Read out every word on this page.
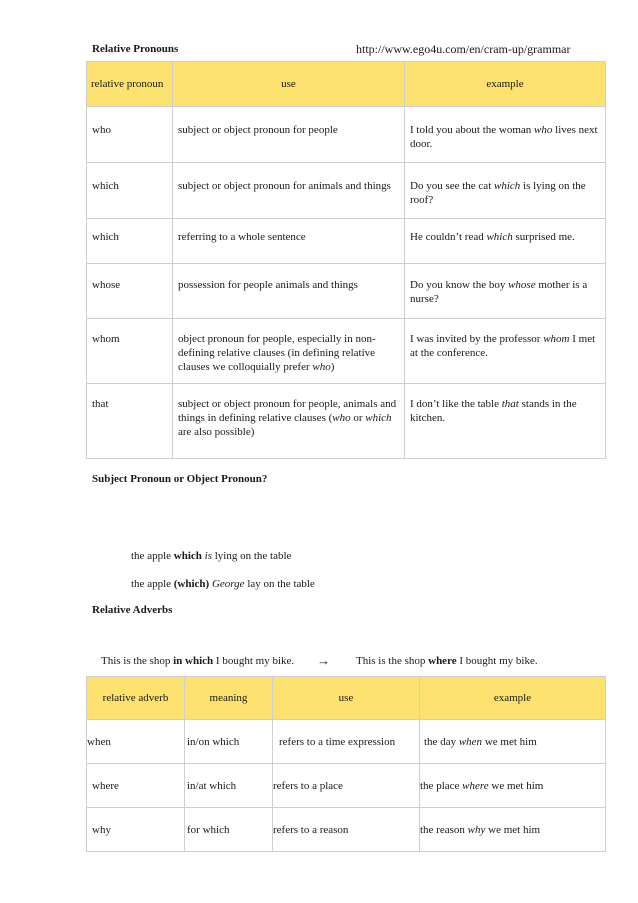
Relative Pronouns	http://www.ego4u.com/en/cram-up/grammar
relative pronoun	use	example
who	subject or object pronoun for people	I told you about the woman who lives next door.
which	subject or object pronoun for animals and things	Do you see the cat which is lying on the roof?
which	referring to a whole sentence	He couldn’t read which surprised me.
whose	possession for people animals and things	Do you know the boy whose mother is a nurse?
whom	object pronoun for people, especially in non-defining relative clauses (in defining relative clauses we colloquially prefer who)	I was invited by the professor whom I met at the conference.
that	subject or object pronoun for people, animals and things in defining relative clauses (who or which are also possible)	I don’t like the table that stands in the kitchen.
Subject Pronoun or Object Pronoun?
the apple which is lying on the table
the apple (which) George lay on the table
Relative Adverbs
This is the shop in which I bought my bike. → This is the shop where I bought my bike.
relative adverb	meaning	use	example
when	in/on which	refers to a time expression	the day when we met him
where	in/at which	refers to a place	the place where we met him
why	for which	refers to a reason	the reason why we met him
